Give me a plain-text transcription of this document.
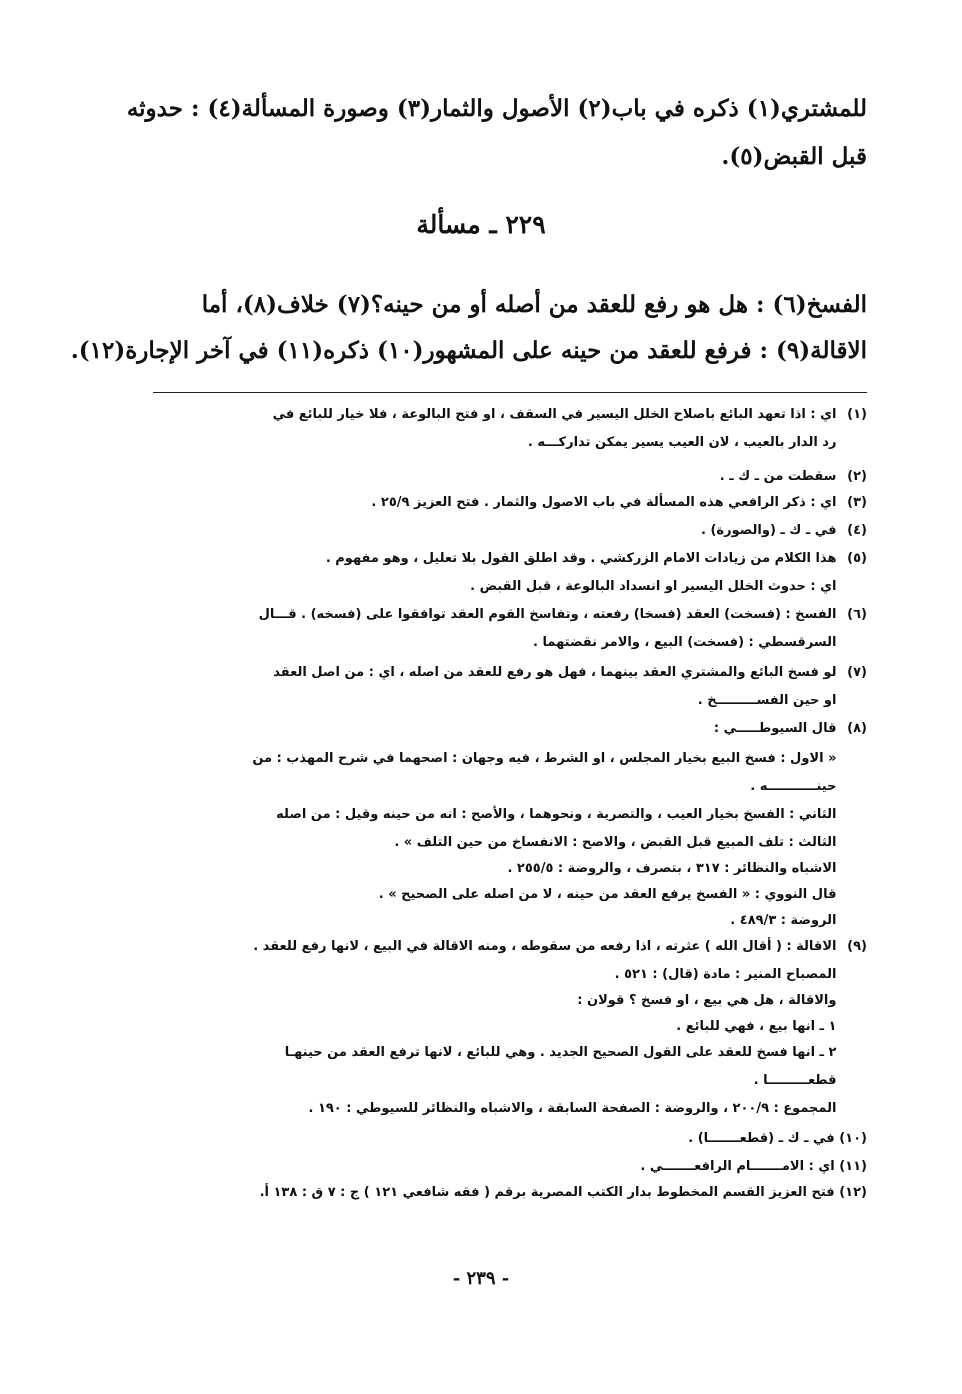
للمشتري(١) ذكره في باب(٢) الأصول والثمار(٣) وصورة المسألة(٤) : حدوثه
قبل القبض(٥).
٢٢٩ ـ مسألة
الفسخ(٦) : هل هو رفع للعقد من أصله أو من حينه؟(٧) خلاف(٨)، أما
الاقالة(٩) : فرفع للعقد من حينه على المشهور(١٠) ذكره(١١) في آخر الإجارة(١٢).
(١) اي : اذا تعهد البائع باصلاح الخلل اليسير في السقف ، او فتح البالوعة ، فلا خيار للبائع في
رد الدار بالعيب ، لان العيب يسير يمكن تداركـــه .
(٢) سقطت من ـ ك ـ .
(٣) اي : ذكر الرافعي هذه المسألة في باب الاصول والثمار . فتح العزيز ٢٥/٩ .
(٤) في ـ ك ـ (والصورة) .
(٥) هذا الكلام من زيادات الامام الزركشي . وقد اطلق القول بلا تعليل ، وهو مفهوم .
اي : حدوث الخلل اليسير او انسداد البالوعة ، قبل القبض .
(٦) الفسخ : (فسخت) العقد (فسخا) رفعته ، وتفاسخ القوم العقد توافقوا على (فسخه) . قـــال
السرقسطي : (فسخت) البيع ، والامر نقضتهما .
(٧) لو فسخ البائع والمشتري العقد بينهما ، فهل هو رفع للعقد من اصله ، اي : من اصل العقد
او حين الفســـــــــخ .
(٨) قال السيوطـــــي :
« الاول : فسخ البيع بخيار المجلس ، او الشرط ، فيه وجهان : اصحهما في شرح المهذب : من
حينـــــــــــه .
الثاني : الفسخ بخيار العيب ، والتصرية ، ونحوهما ، والأصح : انه من حينه وقيل : من اصله
الثالث : تلف المبيع قبل القبض ، والاصح : الانفساخ من حين التلف » .
الاشباه والنظائر : ٣١٧ ، بتصرف ، والروضة : ٢٥٥/٥ .
قال النووي : « الفسخ يرفع العقد من حينه ، لا من اصله على الصحيح » .
الروضة : ٤٨٩/٣ .
(٩) الاقالة : ( أقال الله ) عثرته ، اذا رفعه من سقوطه ، ومنه الاقالة في البيع ، لانها رفع للعقد .
المصباح المنير : مادة (قال) : ٥٢١ .
والاقالة ، هل هي بيع ، او فسخ ؟ قولان :
١ ـ انها بيع ، فهي للبائع .
٢ ـ انها فسخ للعقد على القول الصحيح الجديد . وهي للبائع ، لانها ترفع العقد من حينهـا
قطعـــــــــا .
المجموع : ٢٠٠/٩ ، والروضة : الصفحة السابقة ، والاشباه والنظائر للسيوطي : ١٩٠ .
(١٠) في ـ ك ـ (قطعـــــــا) .
(١١) اي : الامـــــــام الرافعـــــــي .
(١٢) فتح العزيز القسم المخطوط بدار الكتب المصرية برقم ( فقه شافعي ١٢١ ) ج : ٧ ق : ١٣٨ أ.
- ٢٣٩ -
